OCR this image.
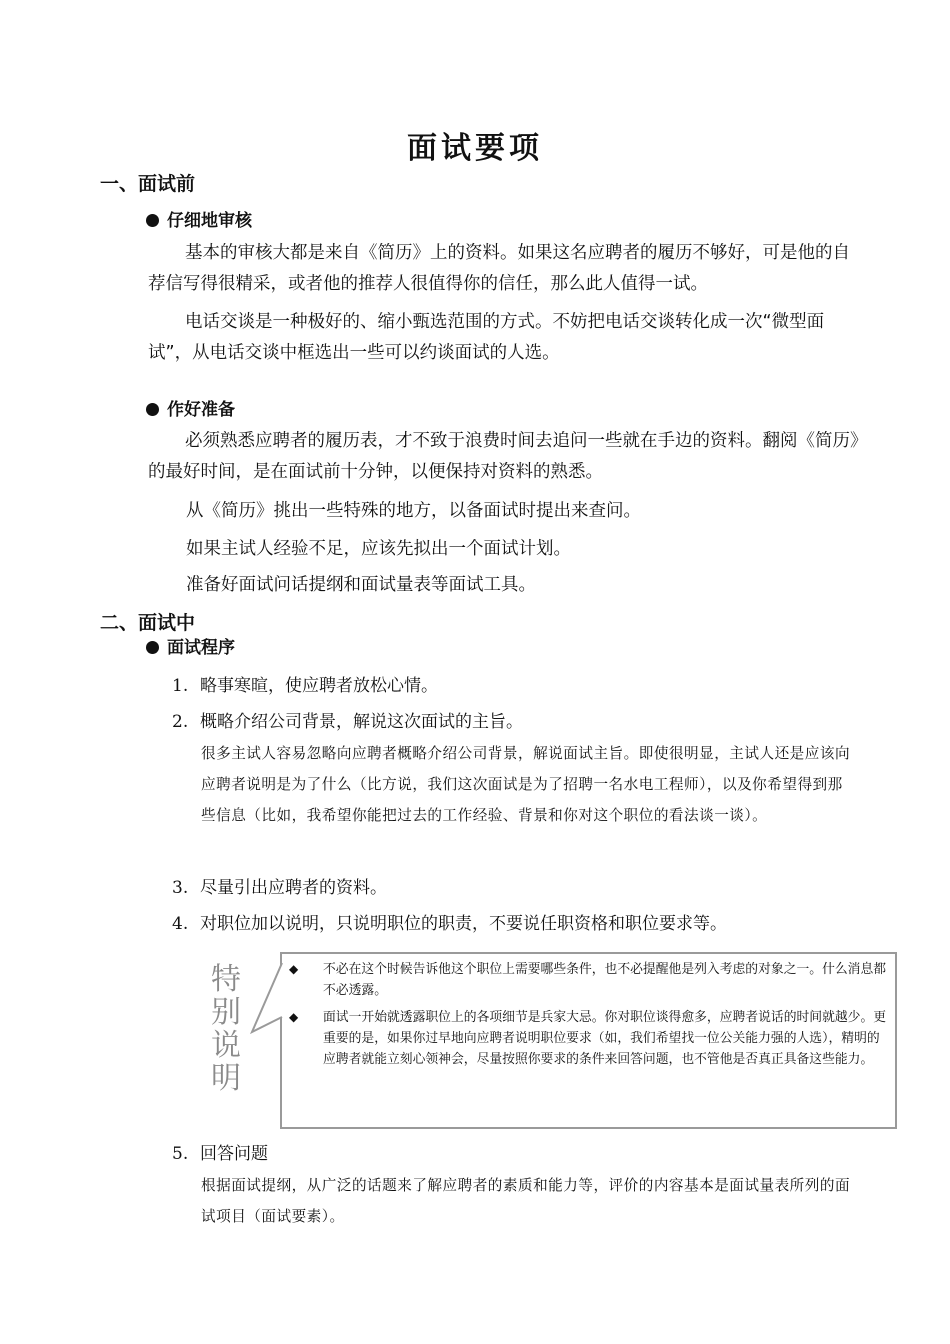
面试要项
一、面试前
仔细地审核
基本的审核大都是来自《简历》上的资料。如果这名应聘者的履历不够好，可是他的自荐信写得很精采，或者他的推荐人很值得你的信任，那么此人值得一试。
电话交谈是一种极好的、缩小甄选范围的方式。不妨把电话交谈转化成一次“微型面试”，从电话交谈中框选出一些可以约谈面试的人选。
作好准备
必须熟悉应聘者的履历表，才不致于浪费时间去追问一些就在手边的资料。翻阅《简历》的最好时间，是在面试前十分钟，以便保持对资料的熟悉。
从《简历》挑出一些特殊的地方，以备面试时提出来查问。
如果主试人经验不足，应该先拟出一个面试计划。
准备好面试问话提纲和面试量表等面试工具。
二、面试中
面试程序
1. 略事寒暄，使应聘者放松心情。
2. 概略介绍公司背景，解说这次面试的主旨。
很多主试人容易忽略向应聘者概略介绍公司背景，解说面试主旨。即使很明显，主试人还是应该向应聘者说明是为了什么（比方说，我们这次面试是为了招聘一名水电工程师），以及你希望得到那些信息（比如，我希望你能把过去的工作经验、背景和你对这个职位的看法谈一谈）。
3. 尽量引出应聘者的资料。
4. 对职位加以说明，只说明职位的职责，不要说任职资格和职位要求等。
特
别
说
明
◆	不必在这个时候告诉他这个职位上需要哪些条件，也不必提醒他是列入考虑的对象之一。什么消息都不必透露。
◆	面试一开始就透露职位上的各项细节是兵家大忌。你对职位谈得愈多，应聘者说话的时间就越少。更重要的是，如果你过早地向应聘者说明职位要求（如，我们希望找一位公关能力强的人选），精明的应聘者就能立刻心领神会，尽量按照你要求的条件来回答问题，也不管他是否真正具备这些能力。
5. 回答问题
根据面试提纲，从广泛的话题来了解应聘者的素质和能力等，评价的内容基本是面试量表所列的面试项目（面试要素）。
